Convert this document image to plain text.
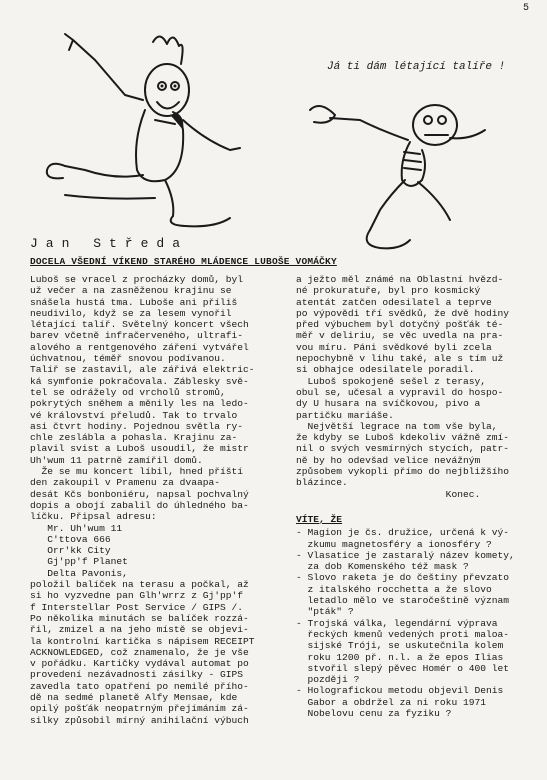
5
Já ti dám létající talíře !
Jan Středa
DOCELA VŠEDNÍ VÍKEND STARÉHO MLÁDENCE LUBOŠE VOMÁČKY

Luboš se vracel z procházky domů, byl

už večer a na zasněženou krajinu se

snášela hustá tma. Luboše ani příliš

neudivilo, když se za lesem vynořil

létající talíř. Světelný koncert všech

barev včetně infračerveného, ultrafi-

alového a rentgenového záření vytvářel

úchvatnou, téměř snovou podívanou.

Talíř se zastavil, ale zářivá elektric-

ká symfonie pokračovala. Záblesky svě-

tel se odrážely od vrcholů stromů,

pokrytých sněhem a měnily les na ledo-

vé království přeludů. Tak to trvalo

asi čtvrt hodiny. Pojednou světla ry-

chle zeslábla a pohasla. Krajinu za-

plavil svist a Luboš usoudil, že mistr

Uh'wum 11 patrně zamířil domů.

Že se mu koncert líbil, hned příští

den zakoupil v Pramenu za dvaapa-

desát Kčs bonboniéru, napsal pochvalný

dopis a obojí zabalil do úhledného ba-

líčku. Připsal adresu:

Mr. Uh'wum 11

C'ttova 666

Orr'kk City

Gj'pp'f Planet

Delta Pavonis,

položil balíček na terasu a počkal, až

si ho vyzvedne pan Glh'wrrz z Gj'pp'f

f Interstellar Post Service / GIPS /.

Po několika minutách se balíček rozzá-

řil, zmizel a na jeho místě se objevi-

la kontrolní kartička s nápisem RECEIPT

ACKNOWLEDGED, což znamenalo, že je vše

v pořádku. Kartičky vydával automat po

provedení nezávadnosti zásilky - GIPS

zavedla tato opatření po nemilé přího-

dě na sedmé planetě Alfy Mensae, kde

opilý pošťák neopatrným přejímáním zá-

silky způsobil mírný anihilační výbuch

a ježto měl známé na Oblastní hvězd-

né prokuratuře, byl pro kosmický

atentát zatčen odesilatel a teprve

po výpovědi tří svědků, že dvě hodiny

před výbuchem byl dotyčný pošťák té-

měř v deliriu, se věc uvedla na pra-

vou míru. Páni svědkové byli zcela

nepochybně v lihu také, ale s tím už

si obhajce odesilatele poradil.

Luboš spokojeně sešel z terasy,

obul se, učesal a vypravil do hospo-

dy U husara na svíčkovou, pivo a

partičku mariáše.

Největší legrace na tom vše byla,

že kdyby se Luboš kdekoliv vážně zmí-

nil o svých vesmírných stycích, patr-

ně by ho odevšad velice nevážným

způsobem vykopli přímo do nejbližšího

blázince.

Konec.

VÍTE, ŽE

- Magion je čs. družice, určená k vý-
zkumu magnetosféry a ionosféry ?
- Vlasatice je zastaralý název komety,
za dob Komenského též mask ?
- Slovo raketa je do češtiny převzato
z italského rocchetta a že slovo
letadlo mělo ve staročeštině význam
"pták" ?
- Trojská válka, legendární výprava
řeckých kmenů vedených proti maloa-
sijské Tróji, se uskutečnila kolem
roku 1200 př. n.l. a že epos Ilias
stvořil slepý pěvec Homér o 400 let
později ?
- Holografickou metodu objevil Denis
Gabor a obdržel za ni roku 1971
Nobelovu cenu za fyziku ?
